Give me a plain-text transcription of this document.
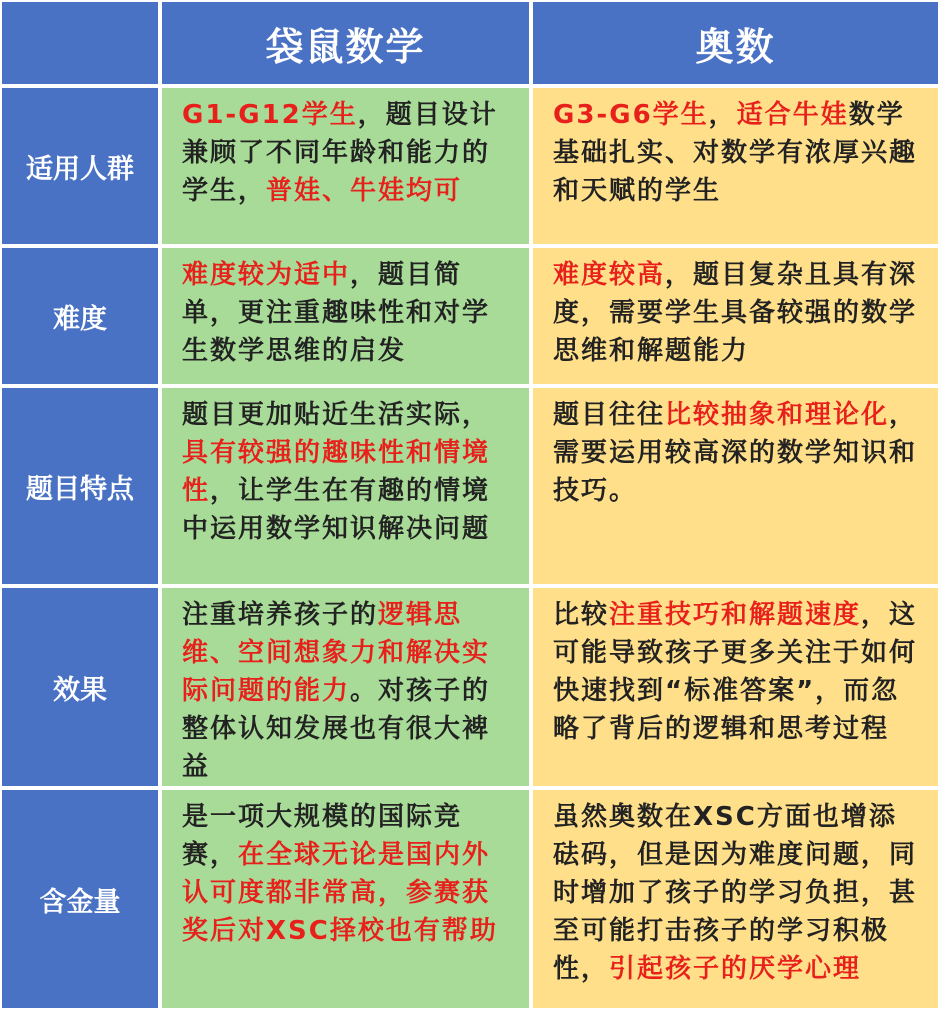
袋鼠数学	奥数
适用人群
G1-G12学生，题目设计兼顾了不同年龄和能力的学生，普娃、牛娃均可
G3-G6学生，适合牛娃数学基础扎实、对数学有浓厚兴趣和天赋的学生
难度
难度较为适中，题目简单，更注重趣味性和对学生数学思维的启发
难度较高，题目复杂且具有深度，需要学生具备较强的数学思维和解题能力
题目特点
题目更加贴近生活实际，具有较强的趣味性和情境性，让学生在有趣的情境中运用数学知识解决问题
题目往往比较抽象和理论化，需要运用较高深的数学知识和技巧。
效果
注重培养孩子的逻辑思维、空间想象力和解决实际问题的能力。对孩子的整体认知发展也有很大裨益
比较注重技巧和解题速度，这可能导致孩子更多关注于如何快速找到“标准答案”，而忽略了背后的逻辑和思考过程
含金量
是一项大规模的国际竞赛，在全球无论是国内外认可度都非常高，参赛获奖后对XSC择校也有帮助
虽然奥数在XSC方面也增添砝码，但是因为难度问题，同时增加了孩子的学习负担，甚至可能打击孩子的学习积极性，引起孩子的厌学心理
